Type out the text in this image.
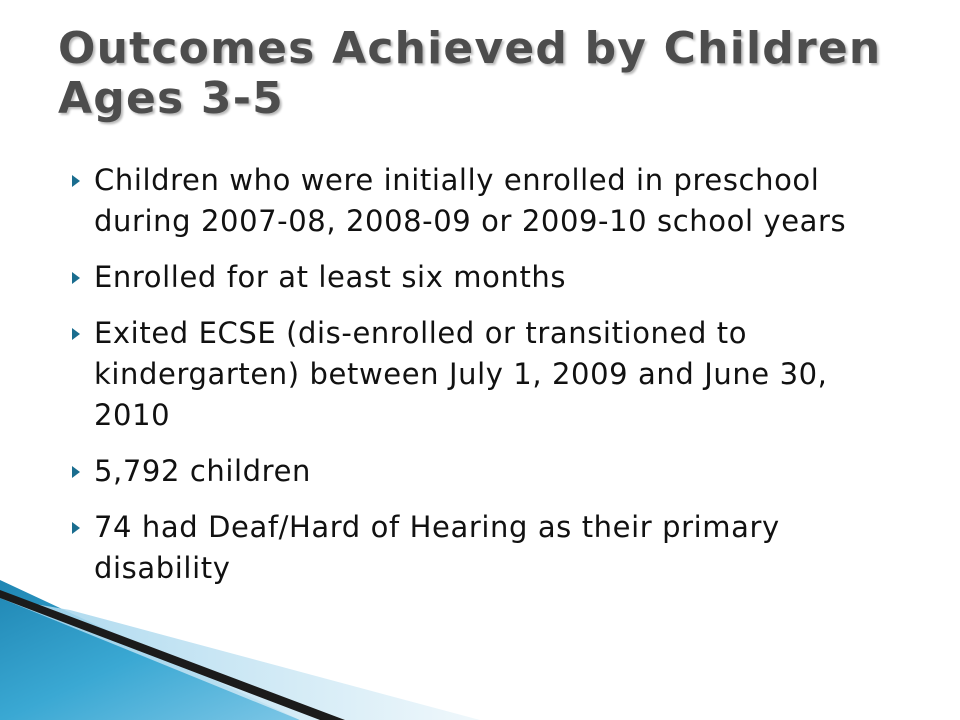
Outcomes Achieved by Children Ages 3-5
Children who were initially enrolled in preschool during 2007-08, 2008-09 or 2009-10 school years
Enrolled for at least six months
Exited ECSE (dis-enrolled or transitioned to kindergarten) between July 1, 2009 and June 30, 2010
5,792 children
74 had Deaf/Hard of Hearing as their primary disability
